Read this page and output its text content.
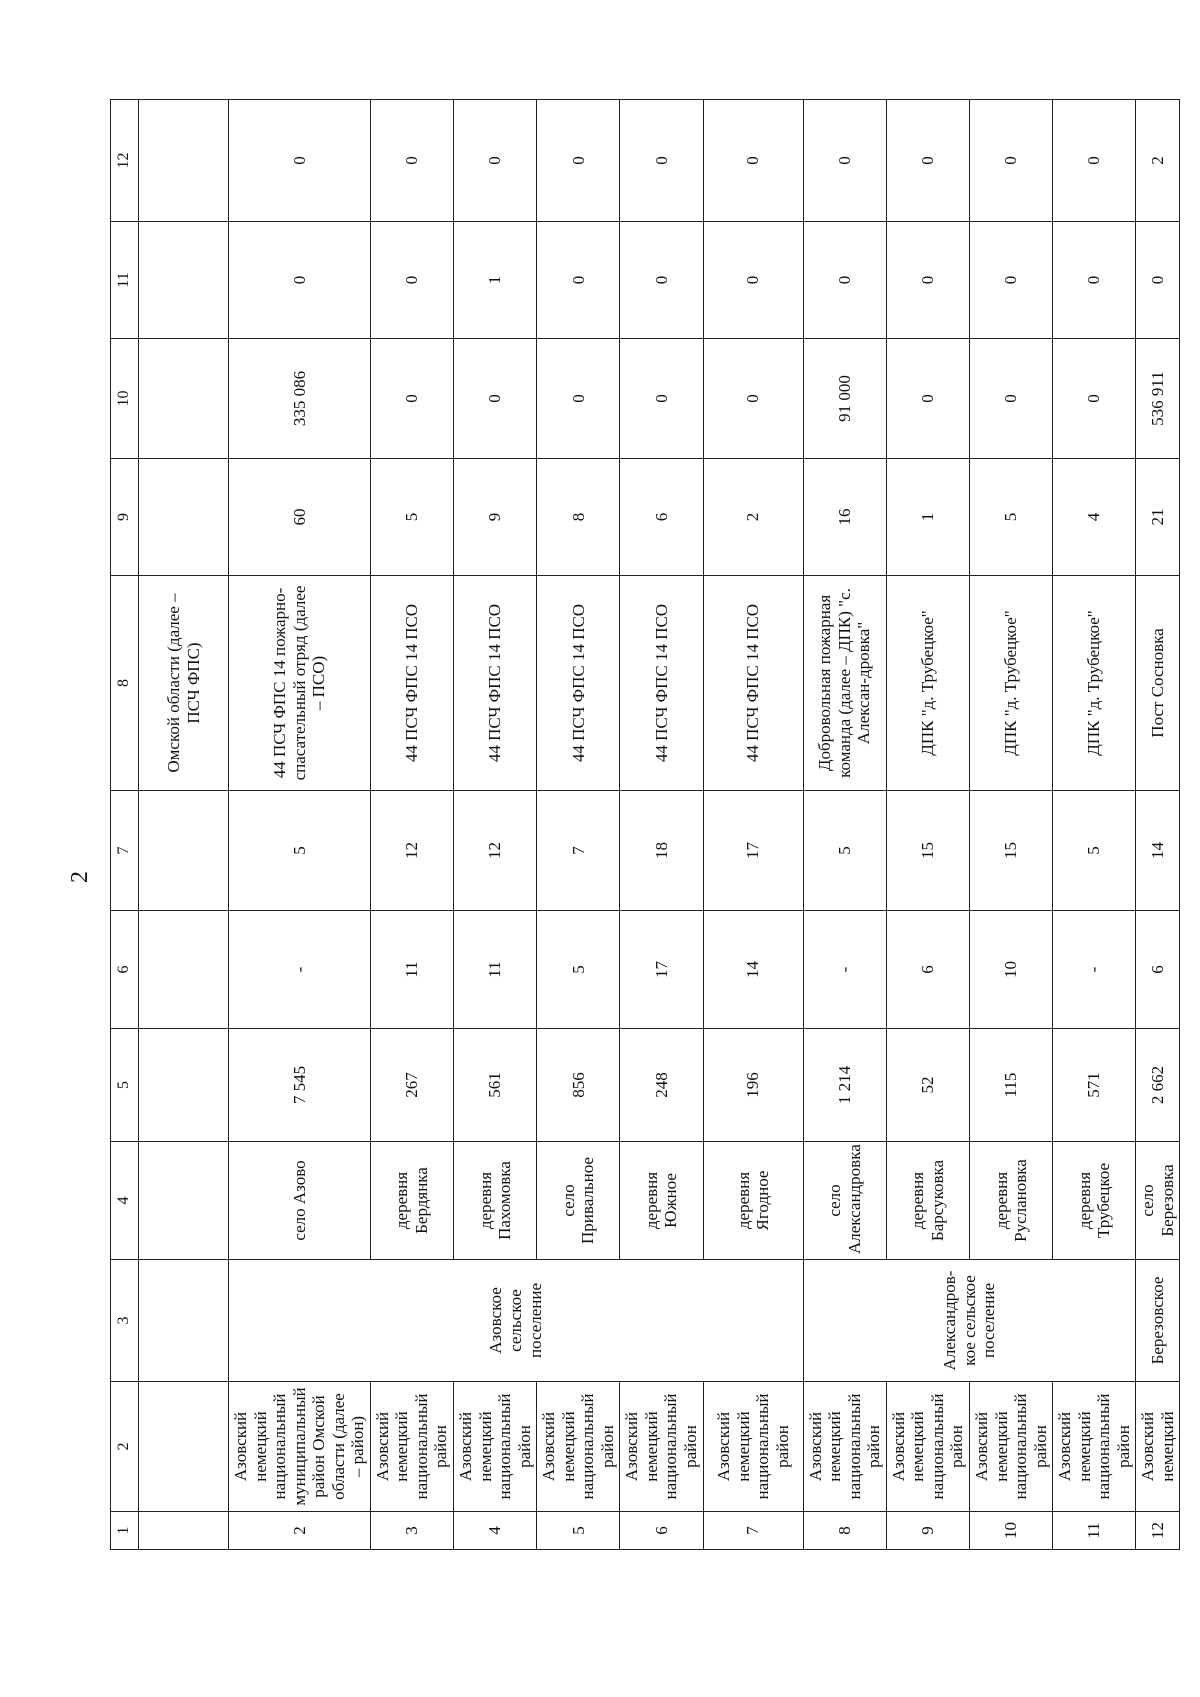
2
1	2	3	4	5	6	7	8	9	10	11	12
							Омской области (далее – ПСЧ ФПС)				
2	Азовский немецкий национальный муниципальный район Омской области (далее – район)	Азовское сельское поселение	село Азово	7 545	-	5	44 ПСЧ ФПС 14 пожарно-спасательный отряд (далее – ПСО)	60	335 086	0	0
3	Азовский немецкий национальный район		деревня Бердянка	267	11	12	44 ПСЧ ФПС 14 ПСО	5	0	0	0
4	Азовский немецкий национальный район		деревня Пахомовка	561	11	12	44 ПСЧ ФПС 14 ПСО	9	0	1	0
5	Азовский немецкий национальный район		село Привальное	856	5	7	44 ПСЧ ФПС 14 ПСО	8	0	0	0
6	Азовский немецкий национальный район		деревня Южное	248	17	18	44 ПСЧ ФПС 14 ПСО	6	0	0	0
7	Азовский немецкий национальный район		деревня Ягодное	196	14	17	44 ПСЧ ФПС 14 ПСО	2	0	0	0
8	Азовский немецкий национальный район	Александров-кое сельское поселение	село Александровка	1 214	-	5	Добровольная пожарная команда (далее – ДПК) "с. Алексан-дровка"	16	91 000	0	0
9	Азовский немецкий национальный район		деревня Барсуковка	52	6	15	ДПК "д. Трубецкое"	1	0	0	0
10	Азовский немецкий национальный район		деревня Руслановка	115	10	15	ДПК "д. Трубецкое"	5	0	0	0
11	Азовский немецкий национальный район		деревня Трубецкое	571	-	5	ДПК "д. Трубецкое"	4	0	0	0
12	Азовский немецкий	Березовское	село Березовка	2 662	6	14	Пост Сосновка	21	536 911	0	2
